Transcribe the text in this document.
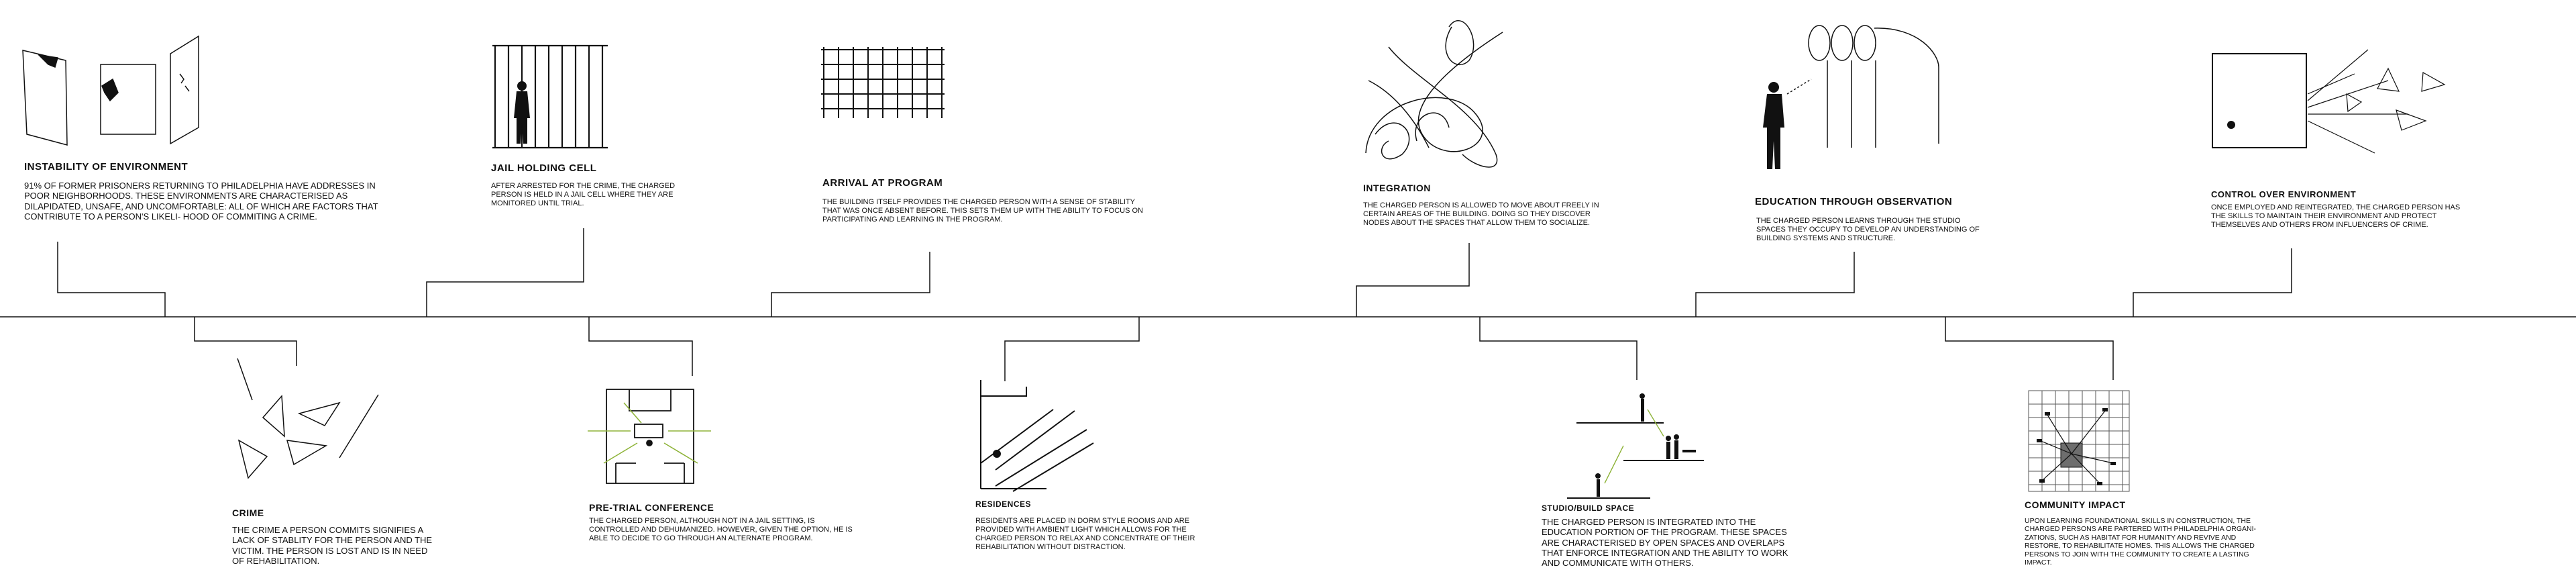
INSTABILITY OF ENVIRONMENT
91% OF FORMER PRISONERS RETURNING TO PHILADELPHIA HAVE ADDRESSES IN POOR NEIGHBORHOODS. THESE ENVIRONMENTS ARE CHARACTERISED AS DILAPIDATED, UNSAFE, AND UNCOMFORTABLE: ALL OF WHICH ARE FACTORS THAT CONTRIBUTE TO A PERSON'S LIKELI- HOOD OF COMMITING A CRIME.
CRIME
THE CRIME A PERSON COMMITS SIGNIFIES A LACK OF STABLITY FOR THE PERSON AND THE VICTIM. THE PERSON IS LOST AND IS IN NEED OF REHABILITATION.
JAIL HOLDING CELL
AFTER ARRESTED FOR THE CRIME, THE CHARGED PERSON IS HELD IN A JAIL CELL WHERE THEY ARE MONITORED UNTIL TRIAL.
PRE-TRIAL CONFERENCE
THE CHARGED PERSON, ALTHOUGH NOT IN A JAIL SETTING, IS CONTROLLED AND DEHUMANIZED. HOWEVER, GIVEN THE OPTION, HE IS ABLE TO DECIDE TO GO THROUGH AN ALTERNATE PROGRAM.
ARRIVAL AT PROGRAM
THE BUILDING ITSELF PROVIDES THE CHARGED PERSON WITH A SENSE OF STABILITY THAT WAS ONCE ABSENT BEFORE. THIS SETS THEM UP WITH THE ABILITY TO FOCUS ON PARTICIPATING AND LEARNING IN THE PROGRAM.
RESIDENCES
RESIDENTS ARE PLACED IN DORM STYLE ROOMS AND ARE PROVIDED WITH AMBIENT LIGHT WHICH ALLOWS FOR THE CHARGED PERSON TO RELAX AND CONCENTRATE OF THEIR REHABILITATION WITHOUT DISTRACTION.
INTEGRATION
THE CHARGED PERSON IS ALLOWED TO MOVE ABOUT FREELY IN CERTAIN AREAS OF THE BUILDING. DOING SO THEY DISCOVER NODES ABOUT THE SPACES THAT ALLOW THEM TO SOCIALIZE.
STUDIO/BUILD SPACE
THE CHARGED PERSON IS INTEGRATED INTO THE EDUCATION PORTION OF THE PROGRAM. THESE SPACES ARE CHARACTERISED BY OPEN SPACES AND OVERLAPS THAT ENFORCE INTEGRATION AND THE ABILITY TO WORK AND COMMUNICATE WITH OTHERS.
EDUCATION THROUGH OBSERVATION
THE CHARGED PERSON LEARNS THROUGH THE STUDIO SPACES THEY OCCUPY TO DEVELOP AN UNDERSTANDING OF BUILDING SYSTEMS AND STRUCTURE.
COMMUNITY IMPACT
UPON LEARNING FOUNDATIONAL SKILLS IN CONSTRUCTION, THE CHARGED PERSONS ARE PARTERED WITH PHILADELPHIA ORGANI- ZATIONS, SUCH AS HABITAT FOR HUMANITY AND REVIVE AND RESTORE, TO REHABILITATE HOMES. THIS ALLOWS THE CHARGED PERSONS TO JOIN WITH THE COMMUNITY TO CREATE A LASTING IMPACT.
CONTROL OVER ENVIRONMENT
ONCE EMPLOYED AND REINTEGRATED, THE CHARGED PERSON HAS THE SKILLS TO MAINTAIN THEIR ENVIRONMENT AND PROTECT THEMSELVES AND OTHERS FROM INFLUENCERS OF CRIME.
